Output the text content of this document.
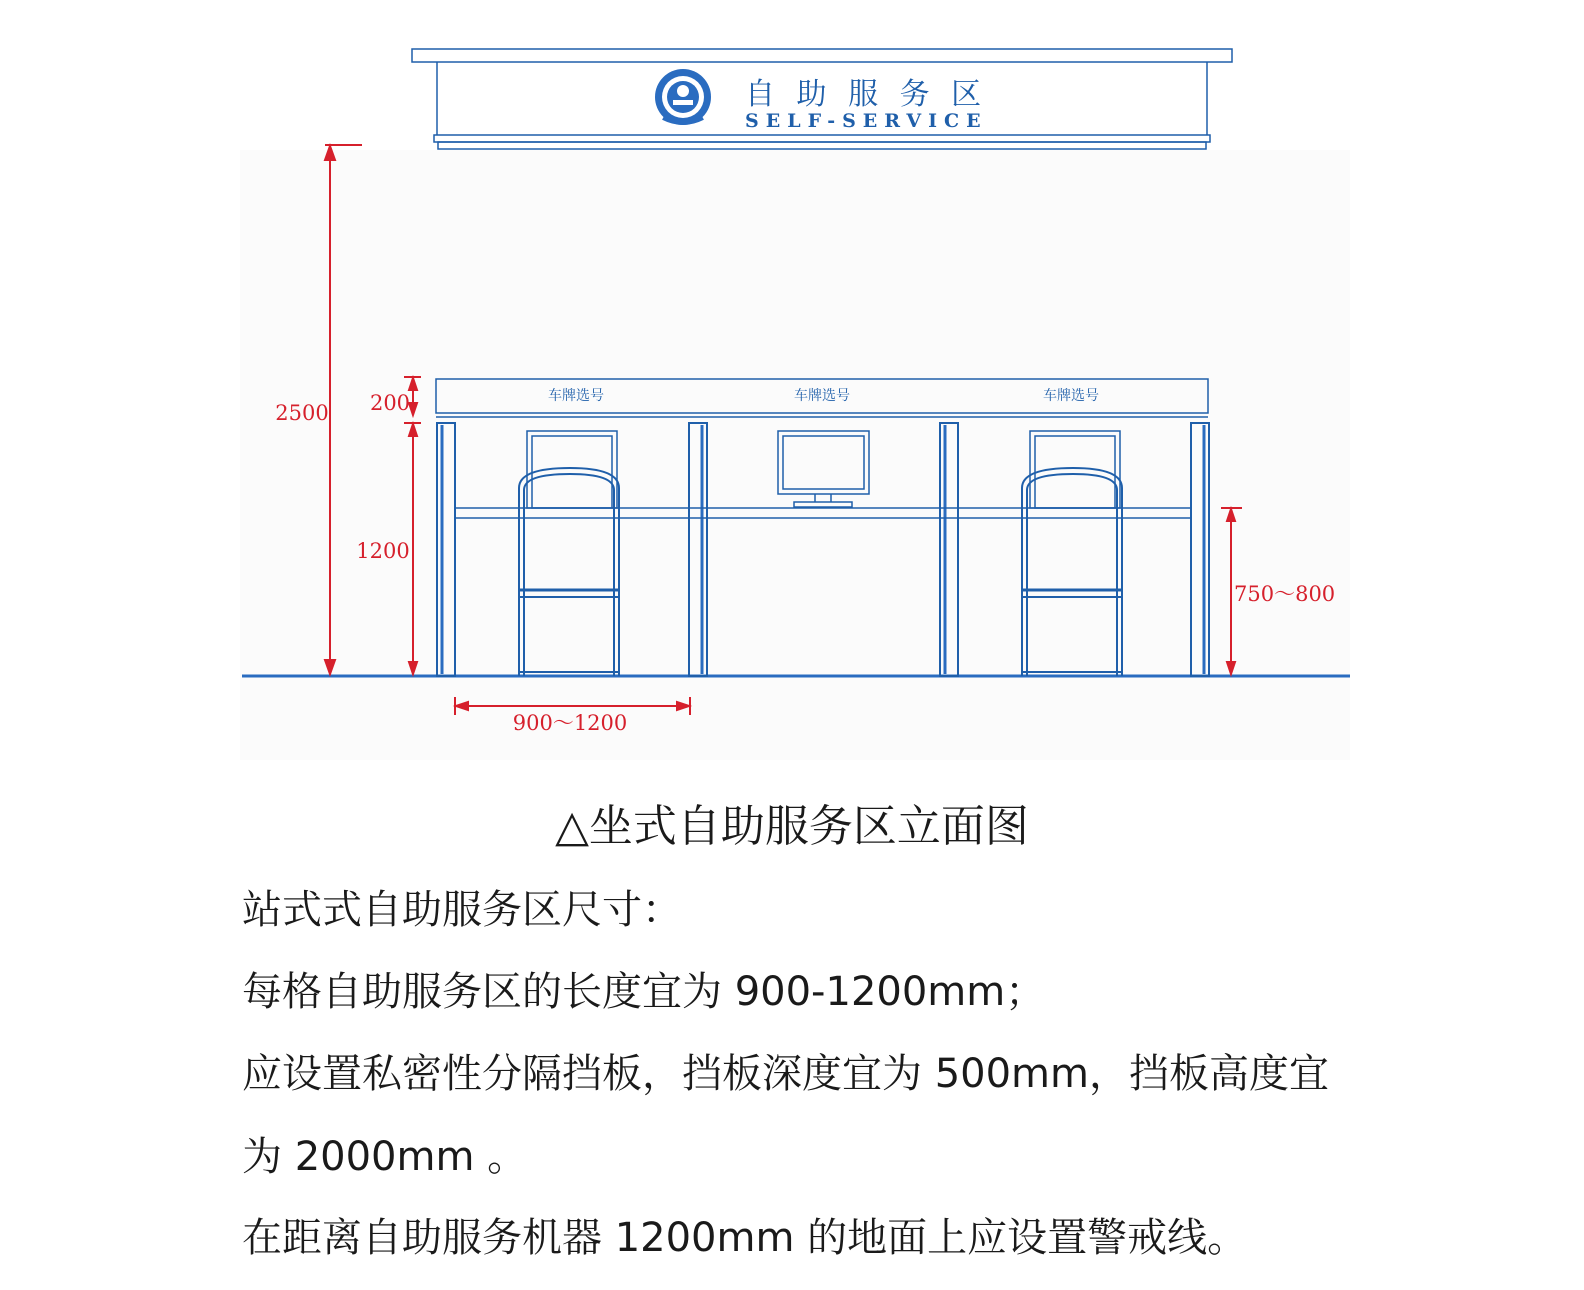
自 助 服 务 区
SELF-SERVICE
车牌选号	车牌选号	车牌选号
2500 200
1200
750～800
900～1200
△坐式自助服务区立面图
站式式自助服务区尺寸：
每格自助服务区的长度宜为 900-1200mm；
应设置私密性分隔挡板，挡板深度宜为 500mm，挡板高度宜
为 2000mm 。
在距离自助服务机器 1200mm 的地面上应设置警戒线。
